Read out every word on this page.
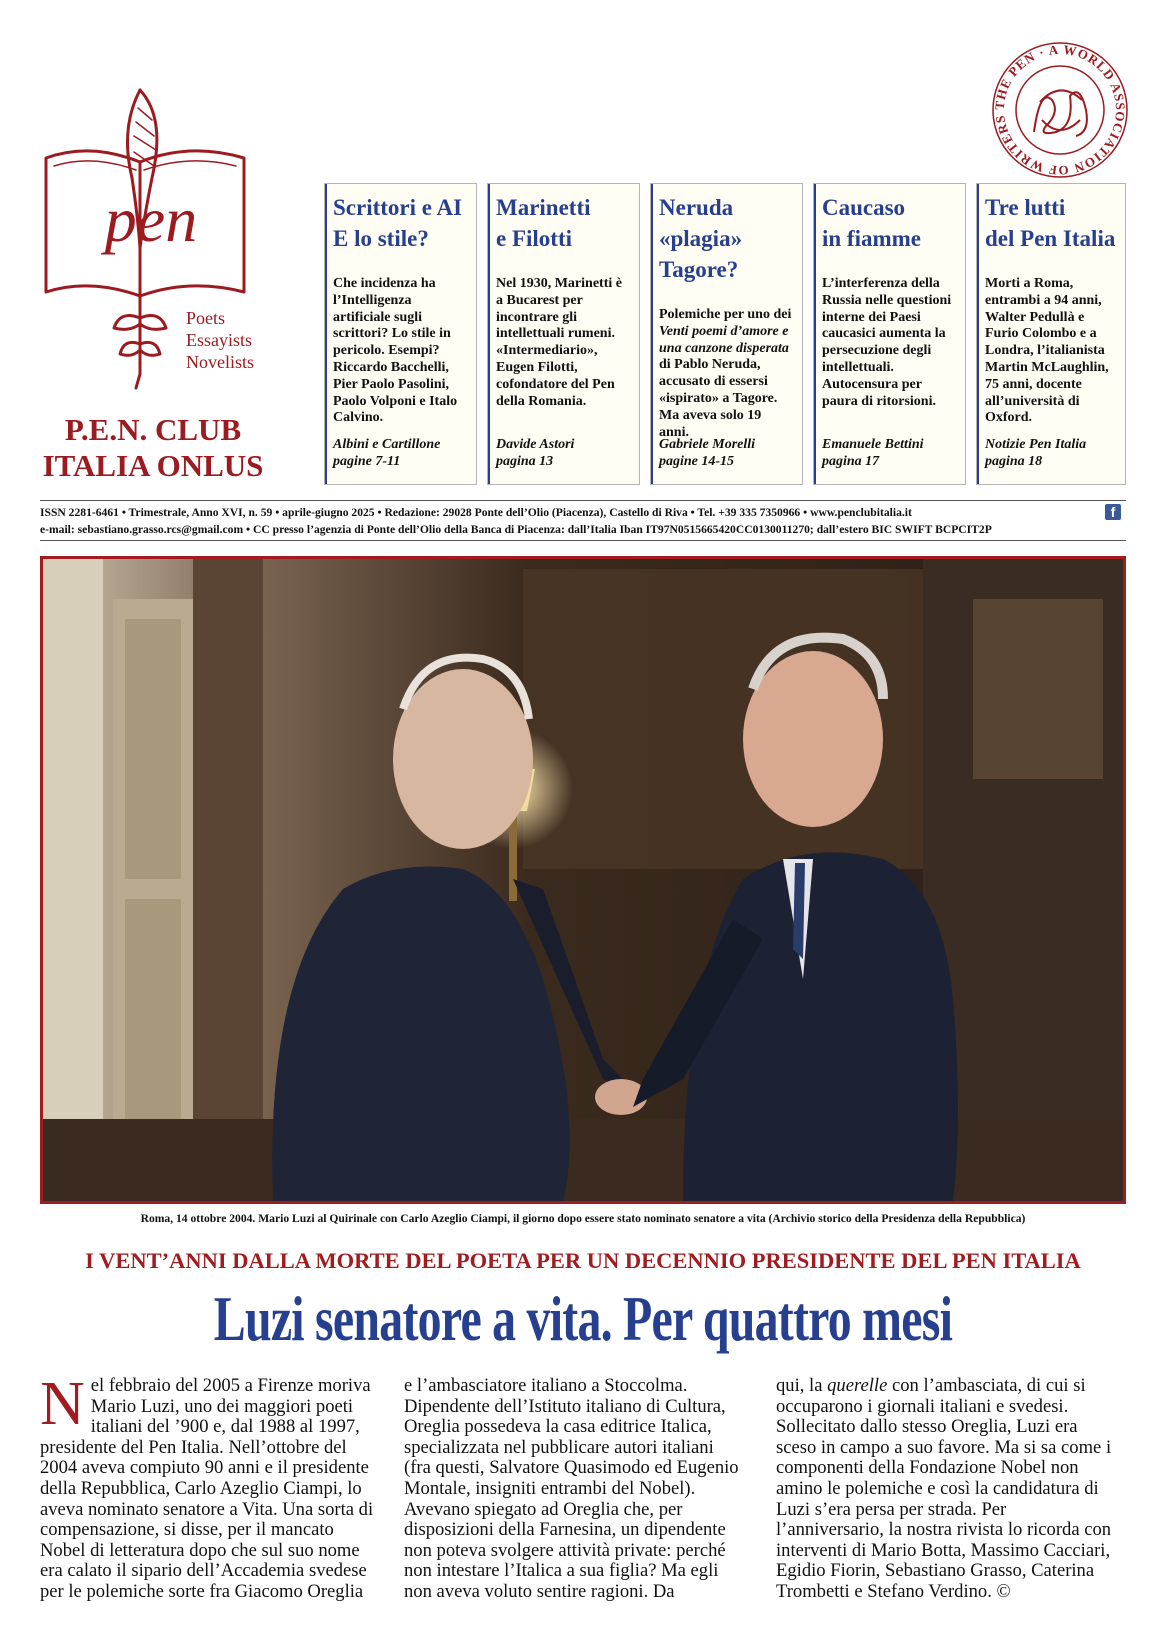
pen
Poets
Essayists
Novelists
P.E.N. CLUB
ITALIA ONLUS
THE PEN · A WORLD ASSOCIATION OF WRITERS
Scrittori e AI
E lo stile?
Che incidenza ha l’Intelligenza artificiale sugli scrittori? Lo stile in pericolo. Esempi? Riccardo Bacchelli, Pier Paolo Pasolini, Paolo Volponi e Italo Calvino.
Albini e Cartillone
pagine 7-11
Marinetti
e Filotti
Nel 1930, Marinetti è a Bucarest per incontrare gli intellettuali rumeni. «Intermediario», Eugen Filotti, cofondatore del Pen della Romania.
Davide Astori
pagina 13
Neruda «plagia»
Tagore?
Polemiche per uno dei Venti poemi d’amore e una canzone disperata di Pablo Neruda, accusato di essersi «ispirato» a Tagore. Ma aveva solo 19 anni.
Gabriele Morelli
pagine 14-15
Caucaso
in fiamme
L’interferenza della Russia nelle questioni interne dei Paesi caucasici aumenta la persecuzione degli intellettuali. Autocensura per paura di ritorsioni.
Emanuele Bettini
pagina 17
Tre lutti
del Pen Italia
Morti a Roma, entrambi a 94 anni, Walter Pedullà e Furio Colombo e a Londra, l’italianista Martin McLaughlin, 75 anni, docente all’università di Oxford.
Notizie Pen Italia
pagina 18
ISSN 2281-6461 • Trimestrale, Anno XVI, n. 59 • aprile-giugno 2025 • Redazione: 29028 Ponte dell’Olio (Piacenza), Castello di Riva • Tel. +39 335 7350966 • www.penclubitalia.it	f
e-mail: sebastiano.grasso.rcs@gmail.com • CC presso l’agenzia di Ponte dell’Olio della Banca di Piacenza: dall’Italia Iban IT97N0515665420CC0130011270; dall’estero BIC SWIFT BCPCIT2P
Roma, 14 ottobre 2004. Mario Luzi al Quirinale con Carlo Azeglio Ciampi, il giorno dopo essere stato nominato senatore a vita (Archivio storico della Presidenza della Repubblica)
I VENT’ANNI DALLA MORTE DEL POETA PER UN DECENNIO PRESIDENTE DEL PEN ITALIA
Luzi senatore a vita. Per quattro mesi
Nel febbraio del 2005 a Firenze moriva Mario Luzi, uno dei maggiori poeti italiani del ’900 e, dal 1988 al 1997, presidente del Pen Italia. Nell’ottobre del 2004 aveva compiuto 90 anni e il presidente della Repubblica, Carlo Azeglio Ciampi, lo aveva nominato senatore a Vita. Una sorta di compensazione, si disse, per il mancato Nobel di letteratura dopo che sul suo nome era calato il sipario dell’Accademia svedese per le polemiche sorte fra Giacomo Oreglia
e l’ambasciatore italiano a Stoccolma. Dipendente dell’Istituto italiano di Cultura, Oreglia possedeva la casa editrice Italica, specializzata nel pubblicare autori italiani (fra questi, Salvatore Quasimodo ed Eugenio Montale, insigniti entrambi del Nobel). Avevano spiegato ad Oreglia che, per disposizioni della Farnesina, un dipendente non poteva svolgere attività private: perché non intestare l’Italica a sua figlia? Ma egli non aveva voluto sentire ragioni. Da
qui, la querelle con l’ambasciata, di cui si occuparono i giornali italiani e svedesi. Sollecitato dallo stesso Oreglia, Luzi era sceso in campo a suo favore. Ma si sa come i componenti della Fondazione Nobel non amino le polemiche e così la candidatura di Luzi s’era persa per strada. Per l’anniversario, la nostra rivista lo ricorda con interventi di Mario Botta, Massimo Cacciari, Egidio Fiorin, Sebastiano Grasso, Caterina Trombetti e Stefano Verdino. ©
